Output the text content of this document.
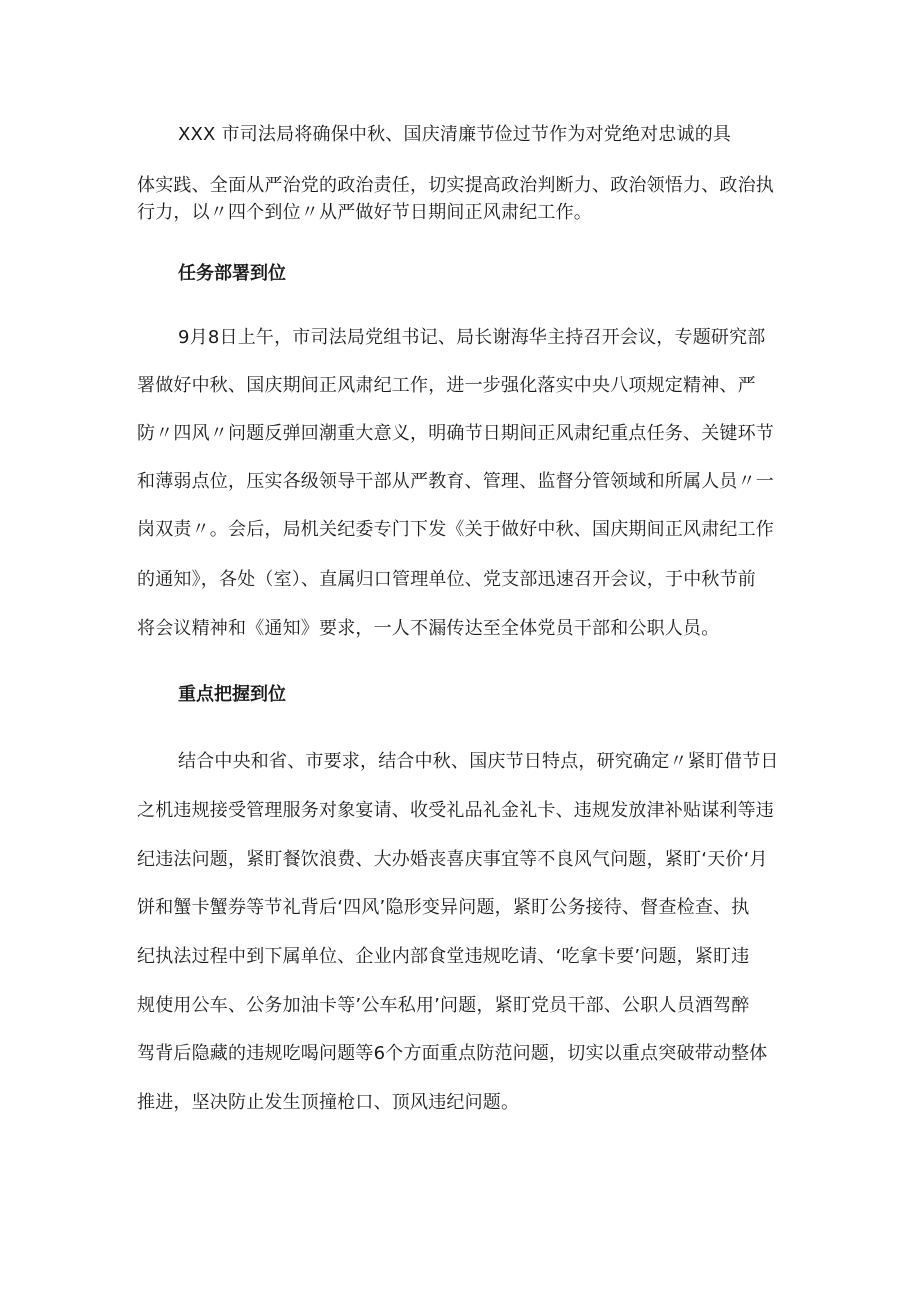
XXX 市司法局将确保中秋、国庆清廉节俭过节作为对党绝对忠诚的具
体实践、全面从严治党的政治责任，切实提高政治判断力、政治领悟力、政治执
行力，以〃四个到位〃从严做好节日期间正风肃纪工作。
任务部署到位
9月8日上午，市司法局党组书记、局长谢海华主持召开会议，专题研究部
署做好中秋、国庆期间正风肃纪工作，进一步强化落实中央八项规定精神、严
防〃四风〃问题反弹回潮重大意义，明确节日期间正风肃纪重点任务、关键环节
和薄弱点位，压实各级领导干部从严教育、管理、监督分管领域和所属人员〃一
岗双责〃。会后，局机关纪委专门下发《关于做好中秋、国庆期间正风肃纪工作
的通知》，各处（室）、直属归口管理单位、党支部迅速召开会议，于中秋节前
将会议精神和《通知》要求，一人不漏传达至全体党员干部和公职人员。
重点把握到位
结合中央和省、市要求，结合中秋、国庆节日特点，研究确定〃紧盯借节日
之机违规接受管理服务对象宴请、收受礼品礼金礼卡、违规发放津补贴谋利等违
纪违法问题，紧盯餐饮浪费、大办婚丧喜庆事宜等不良风气问题，紧盯‘天价‘月
饼和蟹卡蟹券等节礼背后‘四风’隐形变异问题，紧盯公务接待、督查检查、执
纪执法过程中到下属单位、企业内部食堂违规吃请、‘吃拿卡要’问题，紧盯违
规使用公车、公务加油卡等’公车私用’问题，紧盯党员干部、公职人员酒驾醉
驾背后隐藏的违规吃喝问题等6个方面重点防范问题，切实以重点突破带动整体
推进，坚决防止发生顶撞枪口、顶风违纪问题。
